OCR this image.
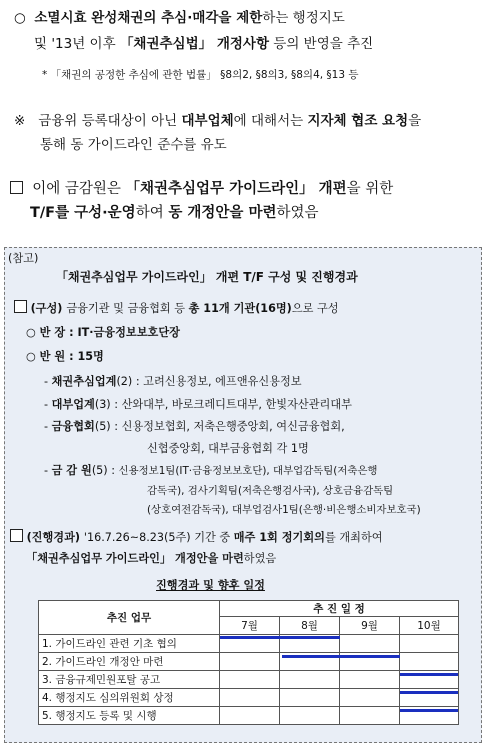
○ 소멸시효 완성채권의 추심·매각을 제한하는 행정지도
및 '13년 이후 「채권추심법」 개정사항 등의 반영을 추진
* 「채권의 공정한 추심에 관한 법률」 §8의2, §8의3, §8의4, §13 등
※ 금융위 등록대상이 아닌 대부업체에 대해서는 지자체 협조 요청을
통해 동 가이드라인 준수를 유도
이에 금감원은 「채권추심업무 가이드라인」 개편을 위한
T/F를 구성·운영하여 동 개정안을 마련하였음
(참고)
「채권추심업무 가이드라인」 개편 T/F 구성 및 진행경과
(구성) 금융기관 및 금융협회 등 총 11개 기관(16명)으로 구성
○ 반 장 : IT·금융정보보호단장
○ 반 원 : 15명
- 채권추심업계(2) : 고려신용정보, 에프앤유신용정보
- 대부업계(3) : 산와대부, 바로크레디트대부, 한빛자산관리대부
- 금융협회(5) : 신용정보협회, 저축은행중앙회, 여신금융협회,
신협중앙회, 대부금융협회 각 1명
- 금 감 원(5) : 신용정보1팀(IT·금융정보보호단), 대부업감독팀(저축은행
감독국), 검사기획팀(저축은행검사국), 상호금융감독팀
(상호여전감독국), 대부업검사1팀(은행·비은행소비자보호국)
(진행경과) '16.7.26~8.23(5주) 기간 중 매주 1회 정기회의를 개최하여
「채권추심업무 가이드라인」 개정안을 마련하였음
진행경과 및 향후 일정
추진 업무	추 진 일 정			
	7월	8월	9월	10월
1. 가이드라인 관련 기초 협의				
2. 가이드라인 개정안 마련				
3. 금융규제민원포탈 공고				
4. 행정지도 심의위원회 상정				
5. 행정지도 등록 및 시행				
